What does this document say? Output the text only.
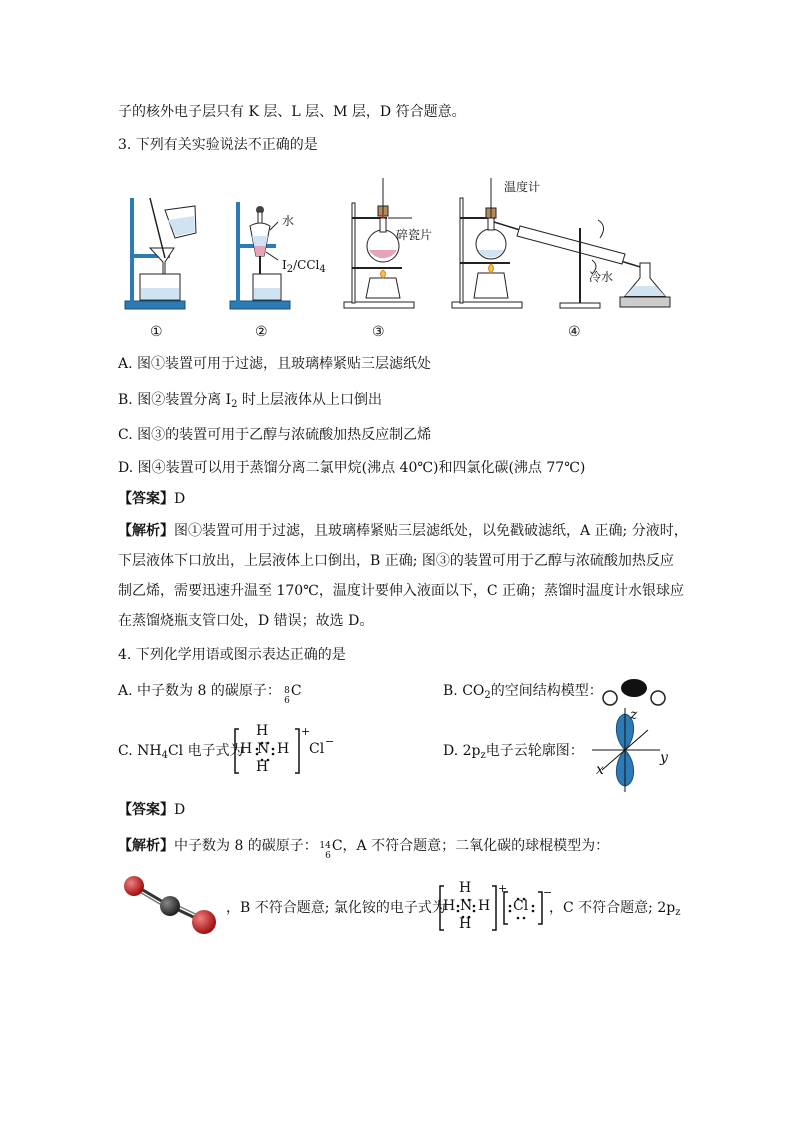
子的核外电子层只有 K 层、L 层、M 层，D 符合题意。
3. 下列有关实验说法不正确的是
①
水
$I_2/CCl_4$
②
碎瓷片
③
温度计
冷水
④
A. 图①装置可用于过滤，且玻璃棒紧贴三层滤纸处
B. 图②装置分离 $I_2$ 时上层液体从上口倒出
C. 图③的装置可用于乙醇与浓硫酸加热反应制乙烯
D. 图④装置可以用于蒸馏分离二氯甲烷(沸点 40℃)和四氯化碳(沸点 77℃)
【答案】D
【解析】图①装置可用于过滤，且玻璃棒紧贴三层滤纸处，以免戳破滤纸，A 正确; 分液时，
下层液体下口放出，上层液体上口倒出，B 正确; 图③的装置可用于乙醇与浓硫酸加热反应
制乙烯，需要迅速升温至 170℃，温度计要伸入液面以下，C 正确；蒸馏时温度计水银球应
在蒸馏烧瓶支管口处，D 错误；故选 D。
4. 下列化学用语或图示表达正确的是
A. 中子数为 8 的碳原子： 8
6
C	B. $CO_2$的空间结构模型：
C. $NH_4Cl$ 电子式为
H
H N H
H
+
Cl −
D. $2p_z$电子云轮廓图：
z
y
x
【答案】D
【解析】中子数为 8 的碳原子： 14
6
C，A 不符合题意；二氧化碳的球棍模型为：
，B 不符合题意; 氯化铵的电子式为
H
H N H
H
+
Cl
−
，C 不符合题意; $2p_z$
